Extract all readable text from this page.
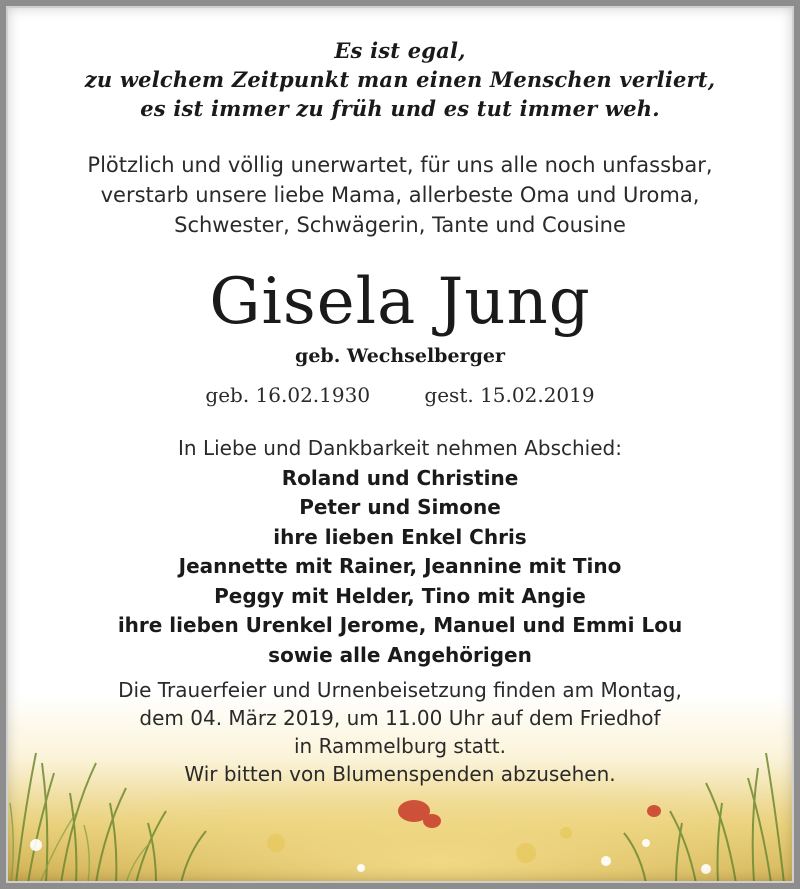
Es ist egal,
zu welchem Zeitpunkt man einen Menschen verliert,
es ist immer zu früh und es tut immer weh.
Plötzlich und völlig unerwartet, für uns alle noch unfassbar,
verstarb unsere liebe Mama, allerbeste Oma und Uroma,
Schwester, Schwägerin, Tante und Cousine
Gisela Jung
geb. Wechselberger
geb. 16.02.1930	gest. 15.02.2019
In Liebe und Dankbarkeit nehmen Abschied:
Roland und Christine
Peter und Simone
ihre lieben Enkel Chris
Jeannette mit Rainer, Jeannine mit Tino
Peggy mit Helder, Tino mit Angie
ihre lieben Urenkel Jerome, Manuel und Emmi Lou
sowie alle Angehörigen
Die Trauerfeier und Urnenbeisetzung finden am Montag,
dem 04. März 2019, um 11.00 Uhr auf dem Friedhof
in Rammelburg statt.
Wir bitten von Blumenspenden abzusehen.
